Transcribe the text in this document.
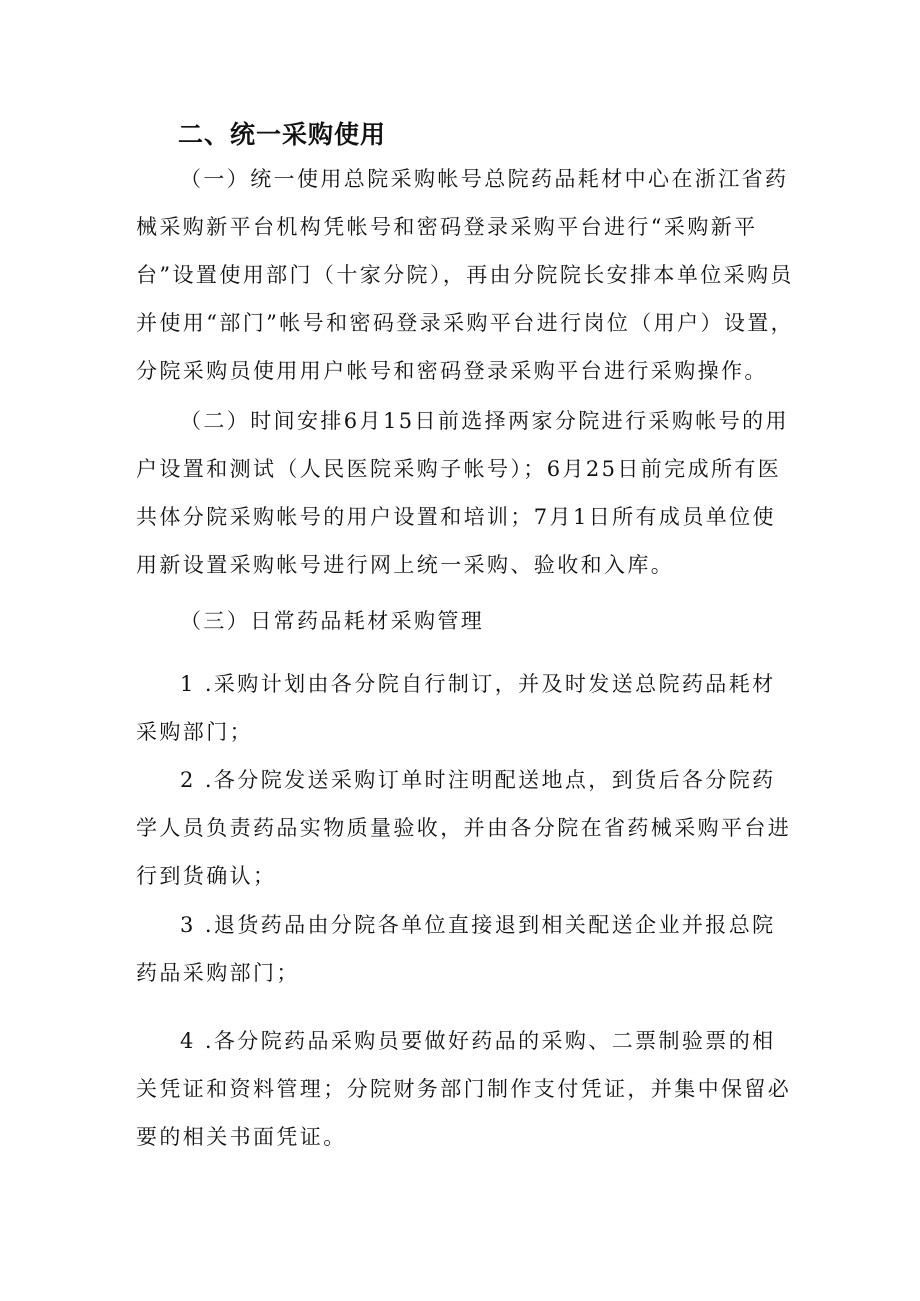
二、统一采购使用

（一）统一使用总院采购帐号总院药品耗材中心在浙江省药械采购新平台机构凭帐号和密码登录采购平台进行“采购新平台”设置使用部门（十家分院），再由分院院长安排本单位采购员并使用“部门”帐号和密码登录采购平台进行岗位（用户）设置，分院采购员使用用户帐号和密码登录采购平台进行采购操作。

（二）时间安排6月15日前选择两家分院进行采购帐号的用户设置和测试（人民医院采购子帐号）；6月25日前完成所有医共体分院采购帐号的用户设置和培训；7月1日所有成员单位使用新设置采购帐号进行网上统一采购、验收和入库。

（三）日常药品耗材采购管理

1 .采购计划由各分院自行制订，并及时发送总院药品耗材采购部门；

2 .各分院发送采购订单时注明配送地点，到货后各分院药学人员负责药品实物质量验收，并由各分院在省药械采购平台进行到货确认；

3 .退货药品由分院各单位直接退到相关配送企业并报总院药品采购部门；

4 .各分院药品采购员要做好药品的采购、二票制验票的相关凭证和资料管理；分院财务部门制作支付凭证，并集中保留必要的相关书面凭证。
